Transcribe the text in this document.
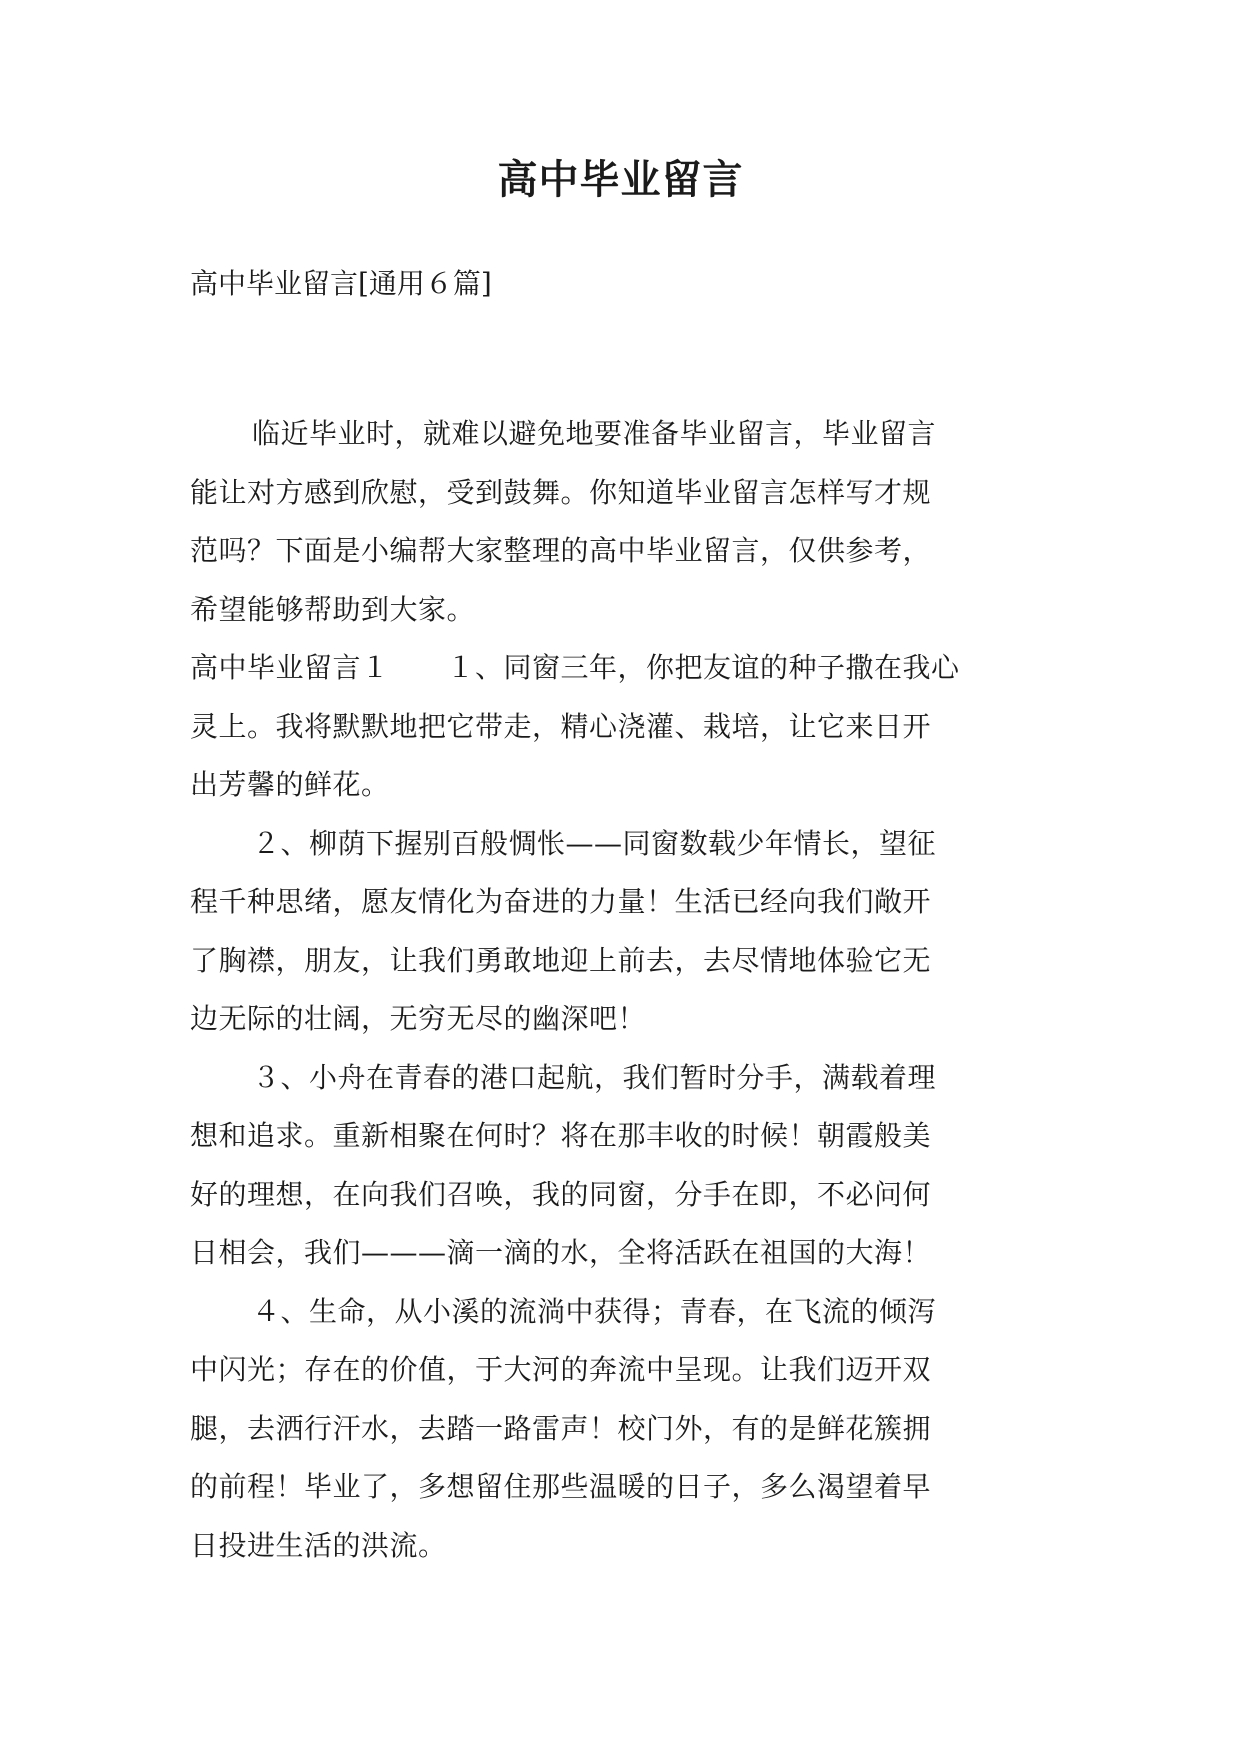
高中毕业留言

高中毕业留言[通用６篇]

临近毕业时，就难以避免地要准备毕业留言，毕业留言
能让对方感到欣慰，受到鼓舞。你知道毕业留言怎样写才规
范吗？下面是小编帮大家整理的高中毕业留言，仅供参考，
希望能够帮助到大家。
高中毕业留言１　　１、同窗三年，你把友谊的种子撒在我心
灵上。我将默默地把它带走，精心浇灌、栽培，让它来日开
出芳馨的鲜花。
２、柳荫下握别百般惆怅——同窗数载少年情长，望征
程千种思绪，愿友情化为奋进的力量！生活已经向我们敞开
了胸襟，朋友，让我们勇敢地迎上前去，去尽情地体验它无
边无际的壮阔，无穷无尽的幽深吧！
３、小舟在青春的港口起航，我们暂时分手，满载着理
想和追求。重新相聚在何时？将在那丰收的时候！朝霞般美
好的理想，在向我们召唤，我的同窗，分手在即，不必问何
日相会，我们———滴一滴的水，全将活跃在祖国的大海！
４、生命，从小溪的流淌中获得；青春，在飞流的倾泻
中闪光；存在的价值，于大河的奔流中呈现。让我们迈开双
腿，去洒行汗水，去踏一路雷声！校门外，有的是鲜花簇拥
的前程！毕业了，多想留住那些温暖的日子，多么渴望着早
日投进生活的洪流。
